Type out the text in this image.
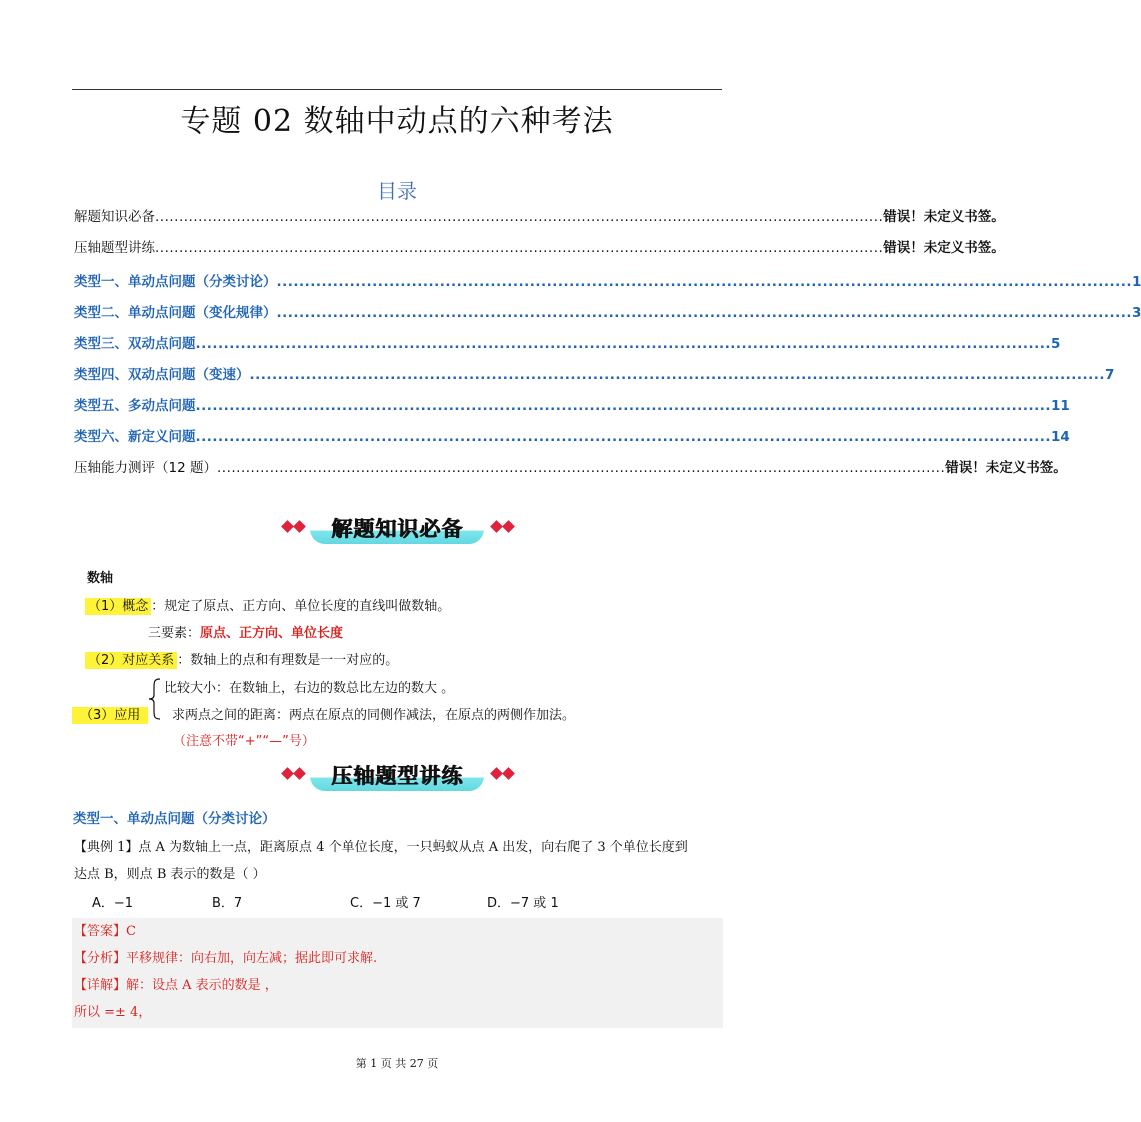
专题 02 数轴中动点的六种考法
目录
解题知识必备 ........................................................................................................................................................ 错误！未定义书签。
压轴题型讲练 ........................................................................................................................................................ 错误！未定义书签。
类型一、单动点问题（分类讨论） ........................................................................................................................................................ 1
类型二、单动点问题（变化规律） ........................................................................................................................................................ 3
类型三、双动点问题 ........................................................................................................................................................ 5
类型四、双动点问题（变速） ........................................................................................................................................................ 7
类型五、多动点问题 ........................................................................................................................................................ 11
类型六、新定义问题 ........................................................................................................................................................ 14
压轴能力测评（12 题） ........................................................................................................................................................ 错误！未定义书签。
解题知识必备
数轴
（1）概念 ：规定了原点、正方向、单位长度的直线叫做数轴。
三要素：原点、正方向、单位长度
（2）对应关系 ：数轴上的点和有理数是一一对应的。
比较大小：在数轴上，右边的数总比左边的数大 。
（3）应用	求两点之间的距离：两点在原点的同侧作减法，在原点的两侧作加法。
（注意不带“+”“—”号）
压轴题型讲练
类型一、单动点问题（分类讨论）
【典例 1】点 A 为数轴上一点，距离原点 4 个单位长度，一只蚂蚁从点 A 出发，向右爬了 3 个单位长度到
达点 B，则点 B 表示的数是（ ）
A．−1	B．7	C．−1 或 7	D．−7 或 1
【答案】C
【分析】平移规律：向右加，向左减；据此即可求解.
【详解】解：设点 A 表示的数是 ，
所以 =± 4，
第 1 页 共 27 页
